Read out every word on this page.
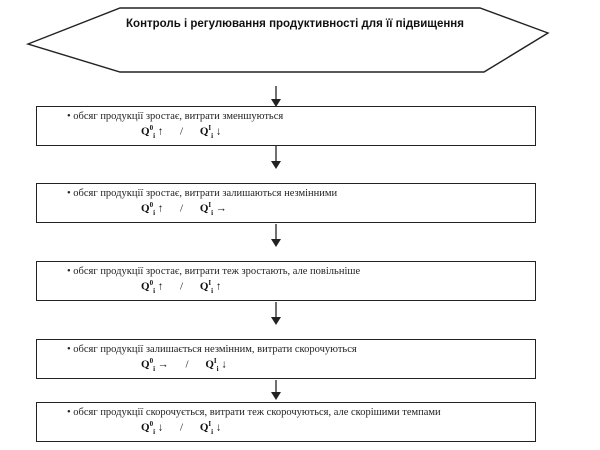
Контроль і регулювання продуктивності для її підвищення
• обсяг продукції зростає, витрати зменшуються
$Q^0_і$ ↑ / $Q^І_і$ ↓
• обсяг продукції зростає, витрати залишаються незмінними
$Q^0_і$ ↑ / $Q^І_і$ →
• обсяг продукції зростає, витрати теж зростають, але повільніше
$Q^0_і$ ↑ / $Q^І_і$ ↑
• обсяг продукції залишається незмінним, витрати скорочуються
$Q^0_і$ → / $Q^І_і$ ↓
• обсяг продукції скорочується, витрати теж скорочуються, але скорішими темпами
$Q^0_і$ ↓ / $Q^І_і$ ↓
